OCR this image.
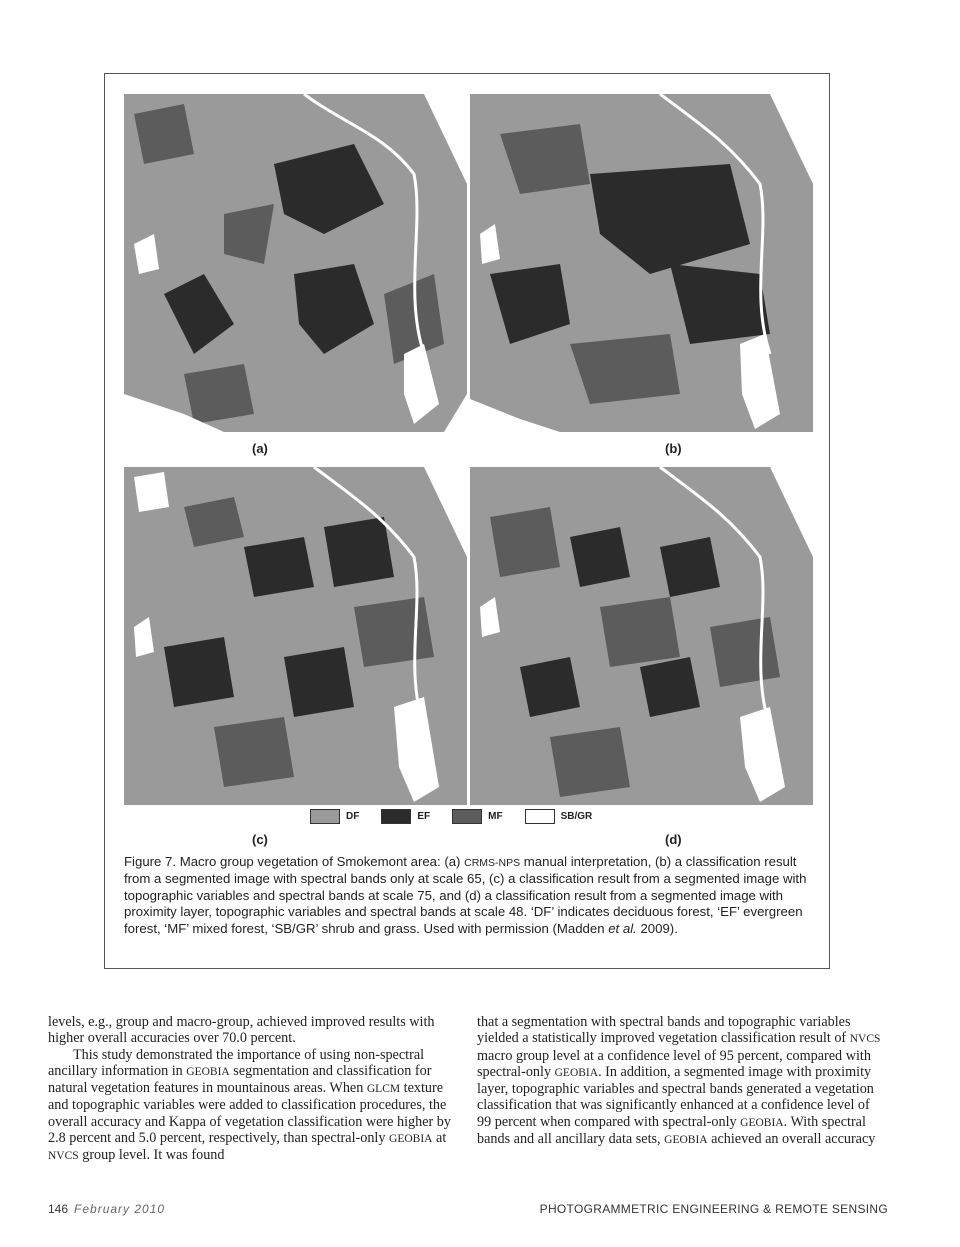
(a)	(b)
(c)	(d)
DF	EF	MF	SB/GR
Figure 7. Macro group vegetation of Smokemont area: (a) CRMS-NPS manual interpretation, (b) a classification result from a segmented image with spectral bands only at scale 65, (c) a classification result from a segmented image with topographic variables and spectral bands at scale 75, and (d) a classification result from a segmented image with proximity layer, topographic variables and spectral bands at scale 48. ‘DF’ indicates deciduous forest, ‘EF’ evergreen forest, ‘MF’ mixed forest, ‘SB/GR’ shrub and grass. Used with permission (Madden et al. 2009).

levels, e.g., group and macro-group, achieved improved results with higher overall accuracies over 70.0 percent.

This study demonstrated the importance of using non-spectral ancillary information in GEOBIA segmentation and classification for natural vegetation features in mountainous areas. When GLCM texture and topographic variables were added to classification procedures, the overall accuracy and Kappa of vegetation classification were higher by 2.8 percent and 5.0 percent, respectively, than spectral-only GEOBIA at NVCS group level. It was found

that a segmentation with spectral bands and topographic variables yielded a statistically improved vegetation classification result of NVCS macro group level at a confidence level of 95 percent, compared with spectral-only GEOBIA. In addition, a segmented image with proximity layer, topographic variables and spectral bands generated a vegetation classification that was significantly enhanced at a confidence level of 99 percent when compared with spectral-only GEOBIA. With spectral bands and all ancillary data sets, GEOBIA achieved an overall accuracy

146 February 2010	PHOTOGRAMMETRIC ENGINEERING & REMOTE SENSING
